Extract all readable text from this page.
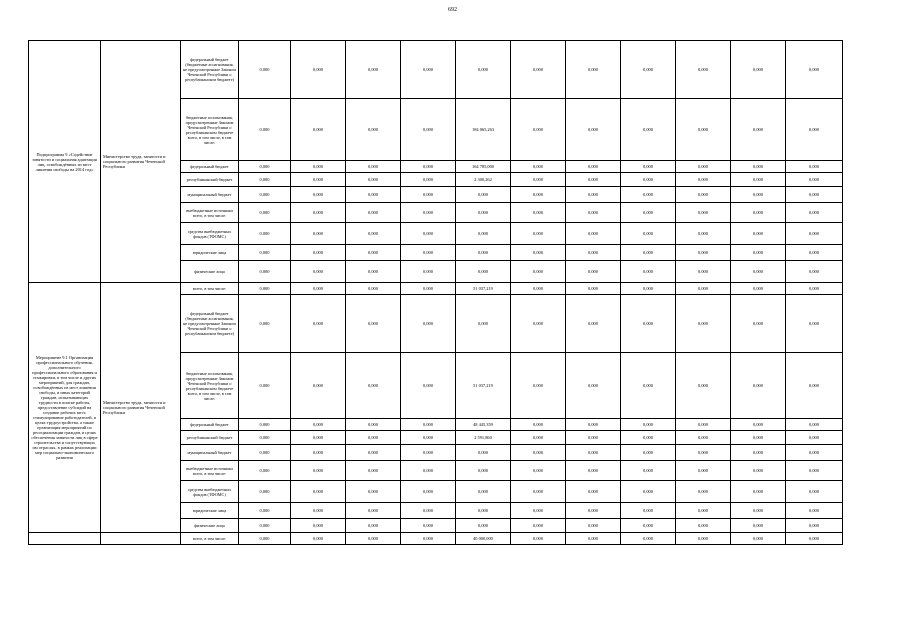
692
Подпрограмма 9 «Содействие занятости и социальная адаптация лиц, освобождённых из мест лишения свободы на 2014 год»	Министерство труда, занятости и социального развития Чеченской Республики	федеральный бюджет (бюджетные ассигнования, не предусмотренные Законом Чеченской Республики о республиканском бюджете)	0,000	0,000	0,000	0,000	0,000	0,000	0,000	0,000	0,000	0,000	0,000
		бюджетные ассигнования, предусмотренные Законом Чеченской Республики о республиканском бюджете всего, в том числе, в том числе:	0,000	0,000	0,000	0,000	184 065,263	0,000	0,000	0,000	0,000	0,000	0,000
		федеральный бюджет	0,000	0,000	0,000	0,000	164 785,000	0,000	0,000	0,000	0,000	0,000	0,000
		республиканский бюджет	0,000	0,000	0,000	0,000	2 300,262	0,000	0,000	0,000	0,000	0,000	0,000
		муниципальный бюджет	0,000	0,000	0,000	0,000	0,000	0,000	0,000	0,000	0,000	0,000	0,000
		внебюджетные источники всего, в том числе:	0,000	0,000	0,000	0,000	0,000	0,000	0,000	0,000	0,000	0,000	0,000
		средства внебюджетных фондов (ТФОМС)	0,000	0,000	0,000	0,000	0,000	0,000	0,000	0,000	0,000	0,000	0,000
		юридические лица	0,000	0,000	0,000	0,000	0,000	0,000	0,000	0,000	0,000	0,000	0,000
		физические лица	0,000	0,000	0,000	0,000	0,000	0,000	0,000	0,000	0,000	0,000	0,000
Мероприятие 9.1 Организация профессионального обучения, дополнительного профессионального образования и стажировки, в том числе и других мероприятий, для граждан, освобождённых из мест лишения свободы, и иных категорий граждан, испытывающих трудности в поиске работы, предоставление субсидий на создание рабочих мест, стимулирование работодателей, в целях трудоустройства, а также организация мероприятий по ресоциализации граждан, в целях обеспечения занятости лиц в сфере строительства и сопутствующих им отраслях, в рамках реализации мер социально-экономического развития	Министерство труда, занятости и социального развития Чеченской Республики	всего, в том числе:	0,000	0,000	0,000	0,000	51 037,219	0,000	0,000	0,000	0,000	0,000	0,000
		федеральный бюджет (бюджетные ассигнования, не предусмотренные Законом Чеченской Республики о республиканском бюджете)	0,000	0,000	0,000	0,000	0,000	0,000	0,000	0,000	0,000	0,000	0,000
		бюджетные ассигнования, предусмотренные Законом Чеченской Республики о республиканском бюджете всего, в том числе, в том числе:	0,000	0,000	0,000	0,000	51 037,219	0,000	0,000	0,000	0,000	0,000	0,000
		федеральный бюджет	0,000	0,000	0,000	0,000	48 445,359	0,000	0,000	0,000	0,000	0,000	0,000
		республиканский бюджет	0,000	0,000	0,000	0,000	2 591,860	0,000	0,000	0,000	0,000	0,000	0,000
		муниципальный бюджет	0,000	0,000	0,000	0,000	0,000	0,000	0,000	0,000	0,000	0,000	0,000
		внебюджетные источники всего, в том числе:	0,000	0,000	0,000	0,000	0,000	0,000	0,000	0,000	0,000	0,000	0,000
		средства внебюджетных фондов (ТФОМС)	0,000	0,000	0,000	0,000	0,000	0,000	0,000	0,000	0,000	0,000	0,000
		юридические лица	0,000	0,000	0,000	0,000	0,000	0,000	0,000	0,000	0,000	0,000	0,000
		физические лица	0,000	0,000	0,000	0,000	0,000	0,000	0,000	0,000	0,000	0,000	0,000
		всего, в том числе:	0,000	0,000	0,000	0,000	40 000,000	0,000	0,000	0,000	0,000	0,000	0,000
